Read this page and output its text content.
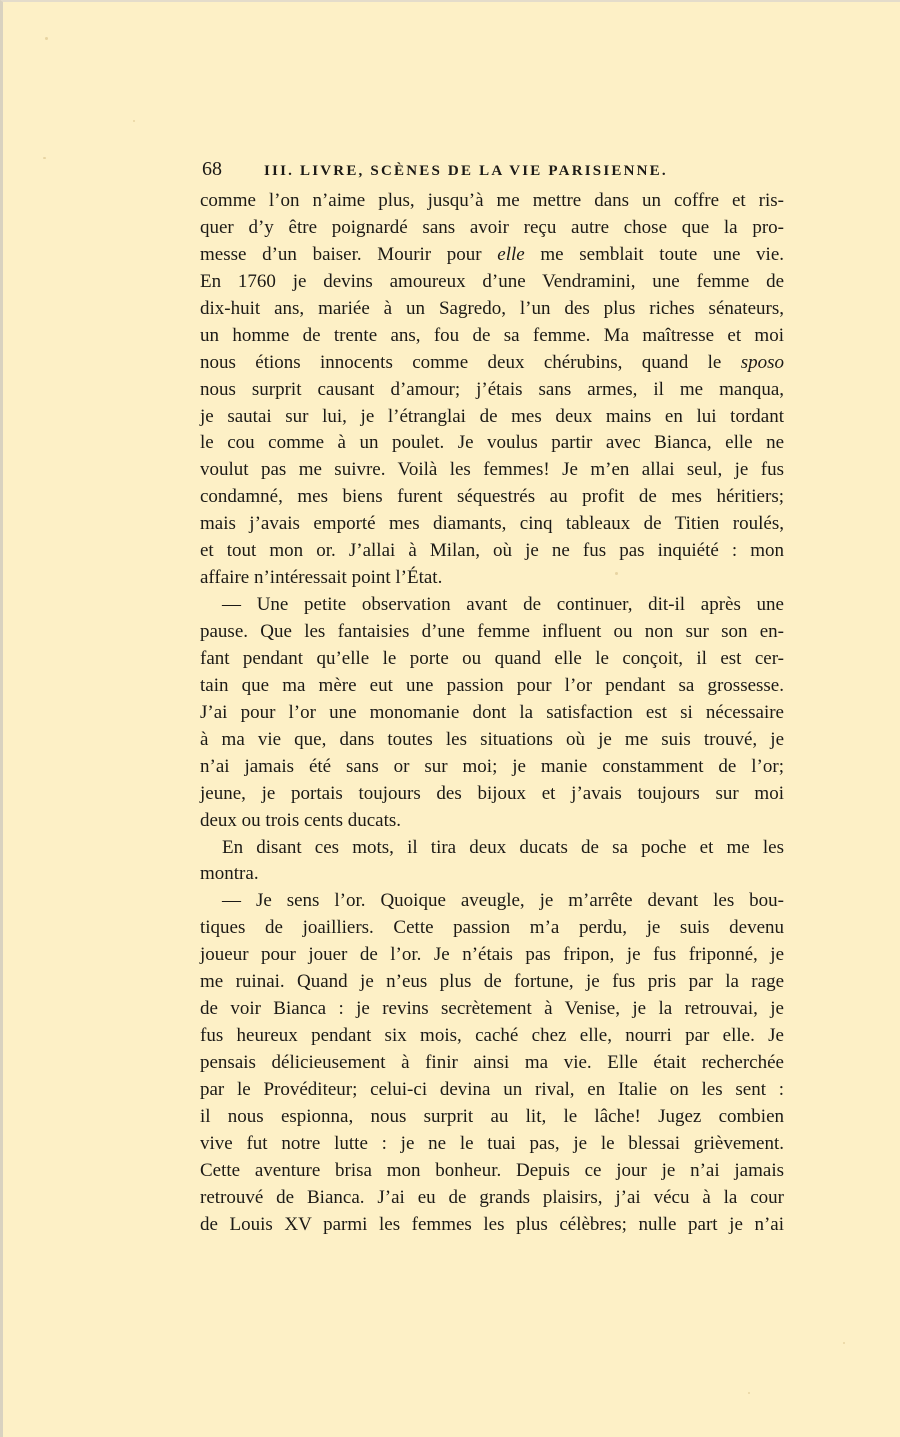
68	III. LIVRE, SCÈNES DE LA VIE PARISIENNE.
comme l’on n’aime plus, jusqu’à me mettre dans un coffre et ris-
quer d’y être poignardé sans avoir reçu autre chose que la pro-
messe d’un baiser. Mourir pour elle me semblait toute une vie.
En 1760 je devins amoureux d’une Vendramini, une femme de
dix-huit ans, mariée à un Sagredo, l’un des plus riches sénateurs,
un homme de trente ans, fou de sa femme. Ma maîtresse et moi
nous étions innocents comme deux chérubins, quand le sposo
nous surprit causant d’amour; j’étais sans armes, il me manqua,
je sautai sur lui, je l’étranglai de mes deux mains en lui tordant
le cou comme à un poulet. Je voulus partir avec Bianca, elle ne
voulut pas me suivre. Voilà les femmes! Je m’en allai seul, je fus
condamné, mes biens furent séquestrés au profit de mes héritiers;
mais j’avais emporté mes diamants, cinq tableaux de Titien roulés,
et tout mon or. J’allai à Milan, où je ne fus pas inquiété : mon
affaire n’intéressait point l’État.
— Une petite observation avant de continuer, dit-il après une
pause. Que les fantaisies d’une femme influent ou non sur son en-
fant pendant qu’elle le porte ou quand elle le conçoit, il est cer-
tain que ma mère eut une passion pour l’or pendant sa grossesse.
J’ai pour l’or une monomanie dont la satisfaction est si nécessaire
à ma vie que, dans toutes les situations où je me suis trouvé, je
n’ai jamais été sans or sur moi; je manie constamment de l’or;
jeune, je portais toujours des bijoux et j’avais toujours sur moi
deux ou trois cents ducats.
En disant ces mots, il tira deux ducats de sa poche et me les
montra.
— Je sens l’or. Quoique aveugle, je m’arrête devant les bou-
tiques de joailliers. Cette passion m’a perdu, je suis devenu
joueur pour jouer de l’or. Je n’étais pas fripon, je fus friponné, je
me ruinai. Quand je n’eus plus de fortune, je fus pris par la rage
de voir Bianca : je revins secrètement à Venise, je la retrouvai, je
fus heureux pendant six mois, caché chez elle, nourri par elle. Je
pensais délicieusement à finir ainsi ma vie. Elle était recherchée
par le Provéditeur; celui-ci devina un rival, en Italie on les sent :
il nous espionna, nous surprit au lit, le lâche! Jugez combien
vive fut notre lutte : je ne le tuai pas, je le blessai grièvement.
Cette aventure brisa mon bonheur. Depuis ce jour je n’ai jamais
retrouvé de Bianca. J’ai eu de grands plaisirs, j’ai vécu à la cour
de Louis XV parmi les femmes les plus célèbres; nulle part je n’ai
